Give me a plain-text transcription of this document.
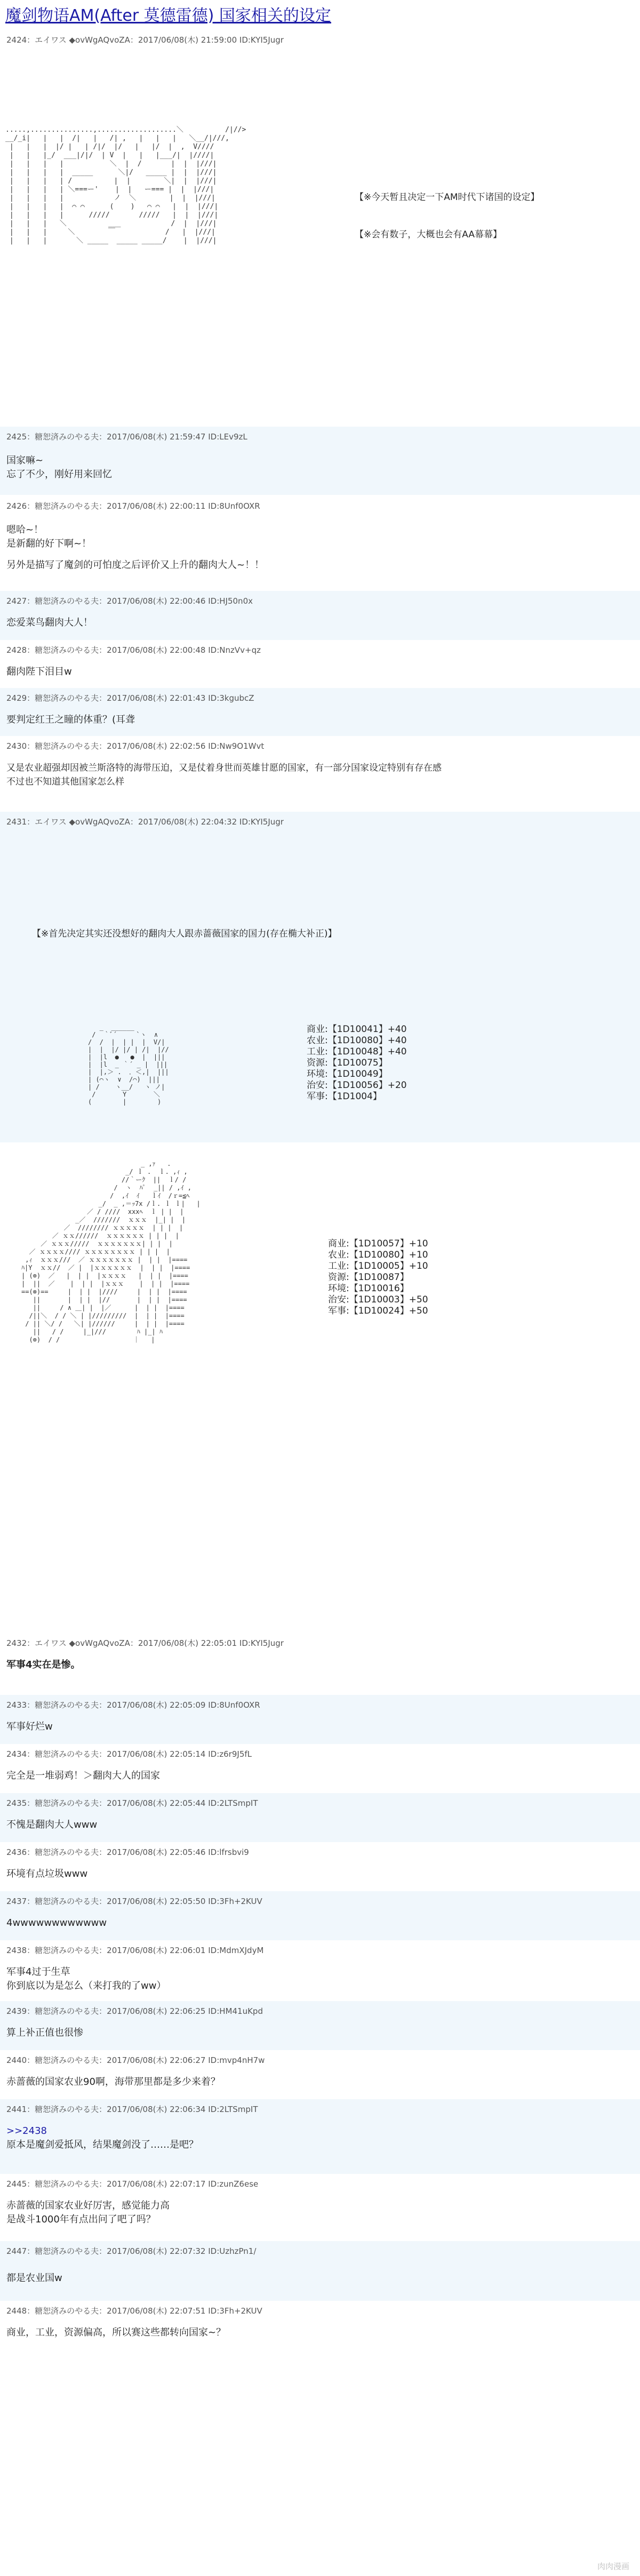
魔剑物语AM(After 莫德雷德) 国家相关的设定
2424：エイワス ◆ovWgAQvoZA：2017/06/08(木) 21:59:00 ID:KYI5Jugr

.....,...............,...................＼          /|//>
__/_i|   |   |  /|   |   /| ,   |   |   |   ＼__/|///,
|   |   |  |/ |   | /|/  |/   |   |/  |  ,  V////
|   |   |_/  ___|/|/  | V  |   |   |___/|  |////|
|   |   |   |           ＼  |  /       |  |  |///|
|   |   |   |  _____      ＼|/   _____ |  |  |///|
|   |   |   | /          |  |        ＼|  |  |///|
|   |   |   | ＼===ー'    |  |   ー=== |  |  |///|
|   |   |   |            ノ  ＼        |  |  |///|
|   |   |   |  ⌒ ⌒      (    )   ⌒ ⌒   |  |  |///|
|   |   |   |      /////       /////   |  |  |///|
|   |   |   ＼          ___            /  |  |///|
|   |   |     ＼        ￣            /   |  |///|
|   |   |       ＼ _____  _____ _____/    |  |///|

【※今天暂且决定一下AM时代下诸国的设定】
【※会有数子，大概也会有AA幕幕】
2425：糖恕済みのやる夫：2017/06/08(木) 21:59:47 ID:LEv9zL
国家嘛~
忘了不少，刚好用来回忆
2426：糖恕済みのやる夫：2017/06/08(木) 22:00:11 ID:8Unf0OXR
嗯哈~！
是新翻的好下啊~！
另外是描写了魔剑的可怕度之后评价又上升的翻肉大人~！！
2427：糖恕済みのやる夫：2017/06/08(木) 22:00:46 ID:HJ50n0x
恋爱菜鸟翻肉大人！
2428：糖恕済みのやる夫：2017/06/08(木) 22:00:48 ID:NnzVv+qz
翻肉陛下泪目w
2429：糖恕済みのやる夫：2017/06/08(木) 22:01:43 ID:3kgubcZ
要判定红王之瞳的体重？(耳聋
2430：糖恕済みのやる夫：2017/06/08(木) 22:02:56 ID:Nw9O1Wvt
又是农业超强却因被兰斯洛特的海带压迫，又是仗着身世而英雄甘愿的国家，有一部分国家设定特别有存在感
不过也不知道其他国家怎么样
2431：エイワス ◆ovWgAQvoZA：2017/06/08(木) 22:04:32 ID:KYI5Jugr
【※首先决定其实还没想好的翻肉大人跟赤蔷薇国家的国力(存在椭大补正)】

_  ______
/  ｀ﾞ´     `ヽ  ∧
/  /  |  | |  |  V/|
|  |  |/ |/ | /|  |//
|  |l  ●   ●  |  |||
|  |l  _ ｀´ _ |  |||
|  |,＞ .  ．＜,|  |||
| (⌒ヽ  ∨  /⌒)  |||
| /    ヽ__/   ヽ ノ|
/       Y       ＼
(        |        )

商业:【1D10041】+40
农业:【1D10080】+40
工业:【1D10048】+40
资源:【1D10075】
环境:【1D10049】
治安:【1D10056】+20
军事:【1D1004】

_ ,ｧ   .
_/ ｌ .  ｌ. ,ｨ ,
//｀ーｸ  ||  ｌ/ /
/  ヽ  ﾊﾟ  _|| / ,ｲ ,
/  ,ｲ  ｲ   ｌｲ  /ｒ=≦ﾍ
_/  _ ,＝ｯ7x /ｌ. ｌ ｌ|   |
／ / ////  xxxﾍ  ｌ | |  |
_／  ///////  ｘｘｘ  |_| |  |
／  //////// ｘｘｘｘｘ  | | |  |
／ ｘｘ//////  ｘｘｘｘｘｘ | | |  |
／ ｘｘｘ/////  ｘｘｘｘｘｘｘ| | |  |
／ ｘｘｘｘ//// ｘｘｘｘｘｘｘｘ | | |  |
,ｨ  ｘｘｘ///  ／ ｘｘｘｘｘｘｘ |  | |  |====
ﾊ|Y  ｘｘ//  ／ |  |ｘｘｘｘｘｘ  |  | |  |====
| (⊕)  ／   |  | |  |ｘｘｘｘ   |  | |  |====
|  ||  ／    |  | |  |ｘｘｘ    |  | |  |====
==(⊗)==     |  | |  |////     |  | |  |====
||       |  | |  |//       |  | |  |====
||     / ∧ ＿| |  |／      |  | |  |====
/||＼  / / ＼ | |/////////  |  | |  |====
/ || ＼/ /   ＼| |//////     |  | |  |====
||   / /     |_|///        ﾊ |_| ﾊ
(⊕)  / /                   ｜   |

商业:【1D10057】+10
农业:【1D10080】+10
工业:【1D10005】+10
资源:【1D10087】
环境:【1D10016】
治安:【1D10003】+50
军事:【1D10024】+50
2432：エイワス ◆ovWgAQvoZA：2017/06/08(木) 22:05:01 ID:KYI5Jugr
军事4实在是惨。
2433：糖恕済みのやる夫：2017/06/08(木) 22:05:09 ID:8Unf0OXR
军事好烂w
2434：糖恕済みのやる夫：2017/06/08(木) 22:05:14 ID:z6r9J5fL
完全是一堆弱鸡！＞翻肉大人的国家
2435：糖恕済みのやる夫：2017/06/08(木) 22:05:44 ID:2LTSmpIT
不愧是翻肉大人www
2436：糖恕済みのやる夫：2017/06/08(木) 22:05:46 ID:lfrsbvi9
环境有点垃圾www
2437：糖恕済みのやる夫：2017/06/08(木) 22:05:50 ID:3Fh+2KUV
4wwwwwwwwwwww
2438：糖恕済みのやる夫：2017/06/08(木) 22:06:01 ID:MdmXJdyM
军事4过于生草
你到底以为是怎么（来打我的了ww）
2439：糖恕済みのやる夫：2017/06/08(木) 22:06:25 ID:HM41uKpd
算上补正值也很惨
2440：糖恕済みのやる夫：2017/06/08(木) 22:06:27 ID:mvp4nH7w
赤蔷薇的国家农业90啊，海带那里都是多少来着？
2441：糖恕済みのやる夫：2017/06/08(木) 22:06:34 ID:2LTSmpIT
>>2438
原本是魔剑爱抵风，结果魔剑没了……是吧？
2445：糖恕済みのやる夫：2017/06/08(木) 22:07:17 ID:zunZ6ese
赤蔷薇的国家农业好厉害，感觉能力高
是战斗1000年有点出问了吧了吗？
2447：糖恕済みのやる夫：2017/06/08(木) 22:07:32 ID:UzhzPn1/
都是农业国w
2448：糖恕済みのやる夫：2017/06/08(木) 22:07:51 ID:3Fh+2KUV
商业，工业，资源偏高，所以赛这些都转向国家~？
肉肉漫画
